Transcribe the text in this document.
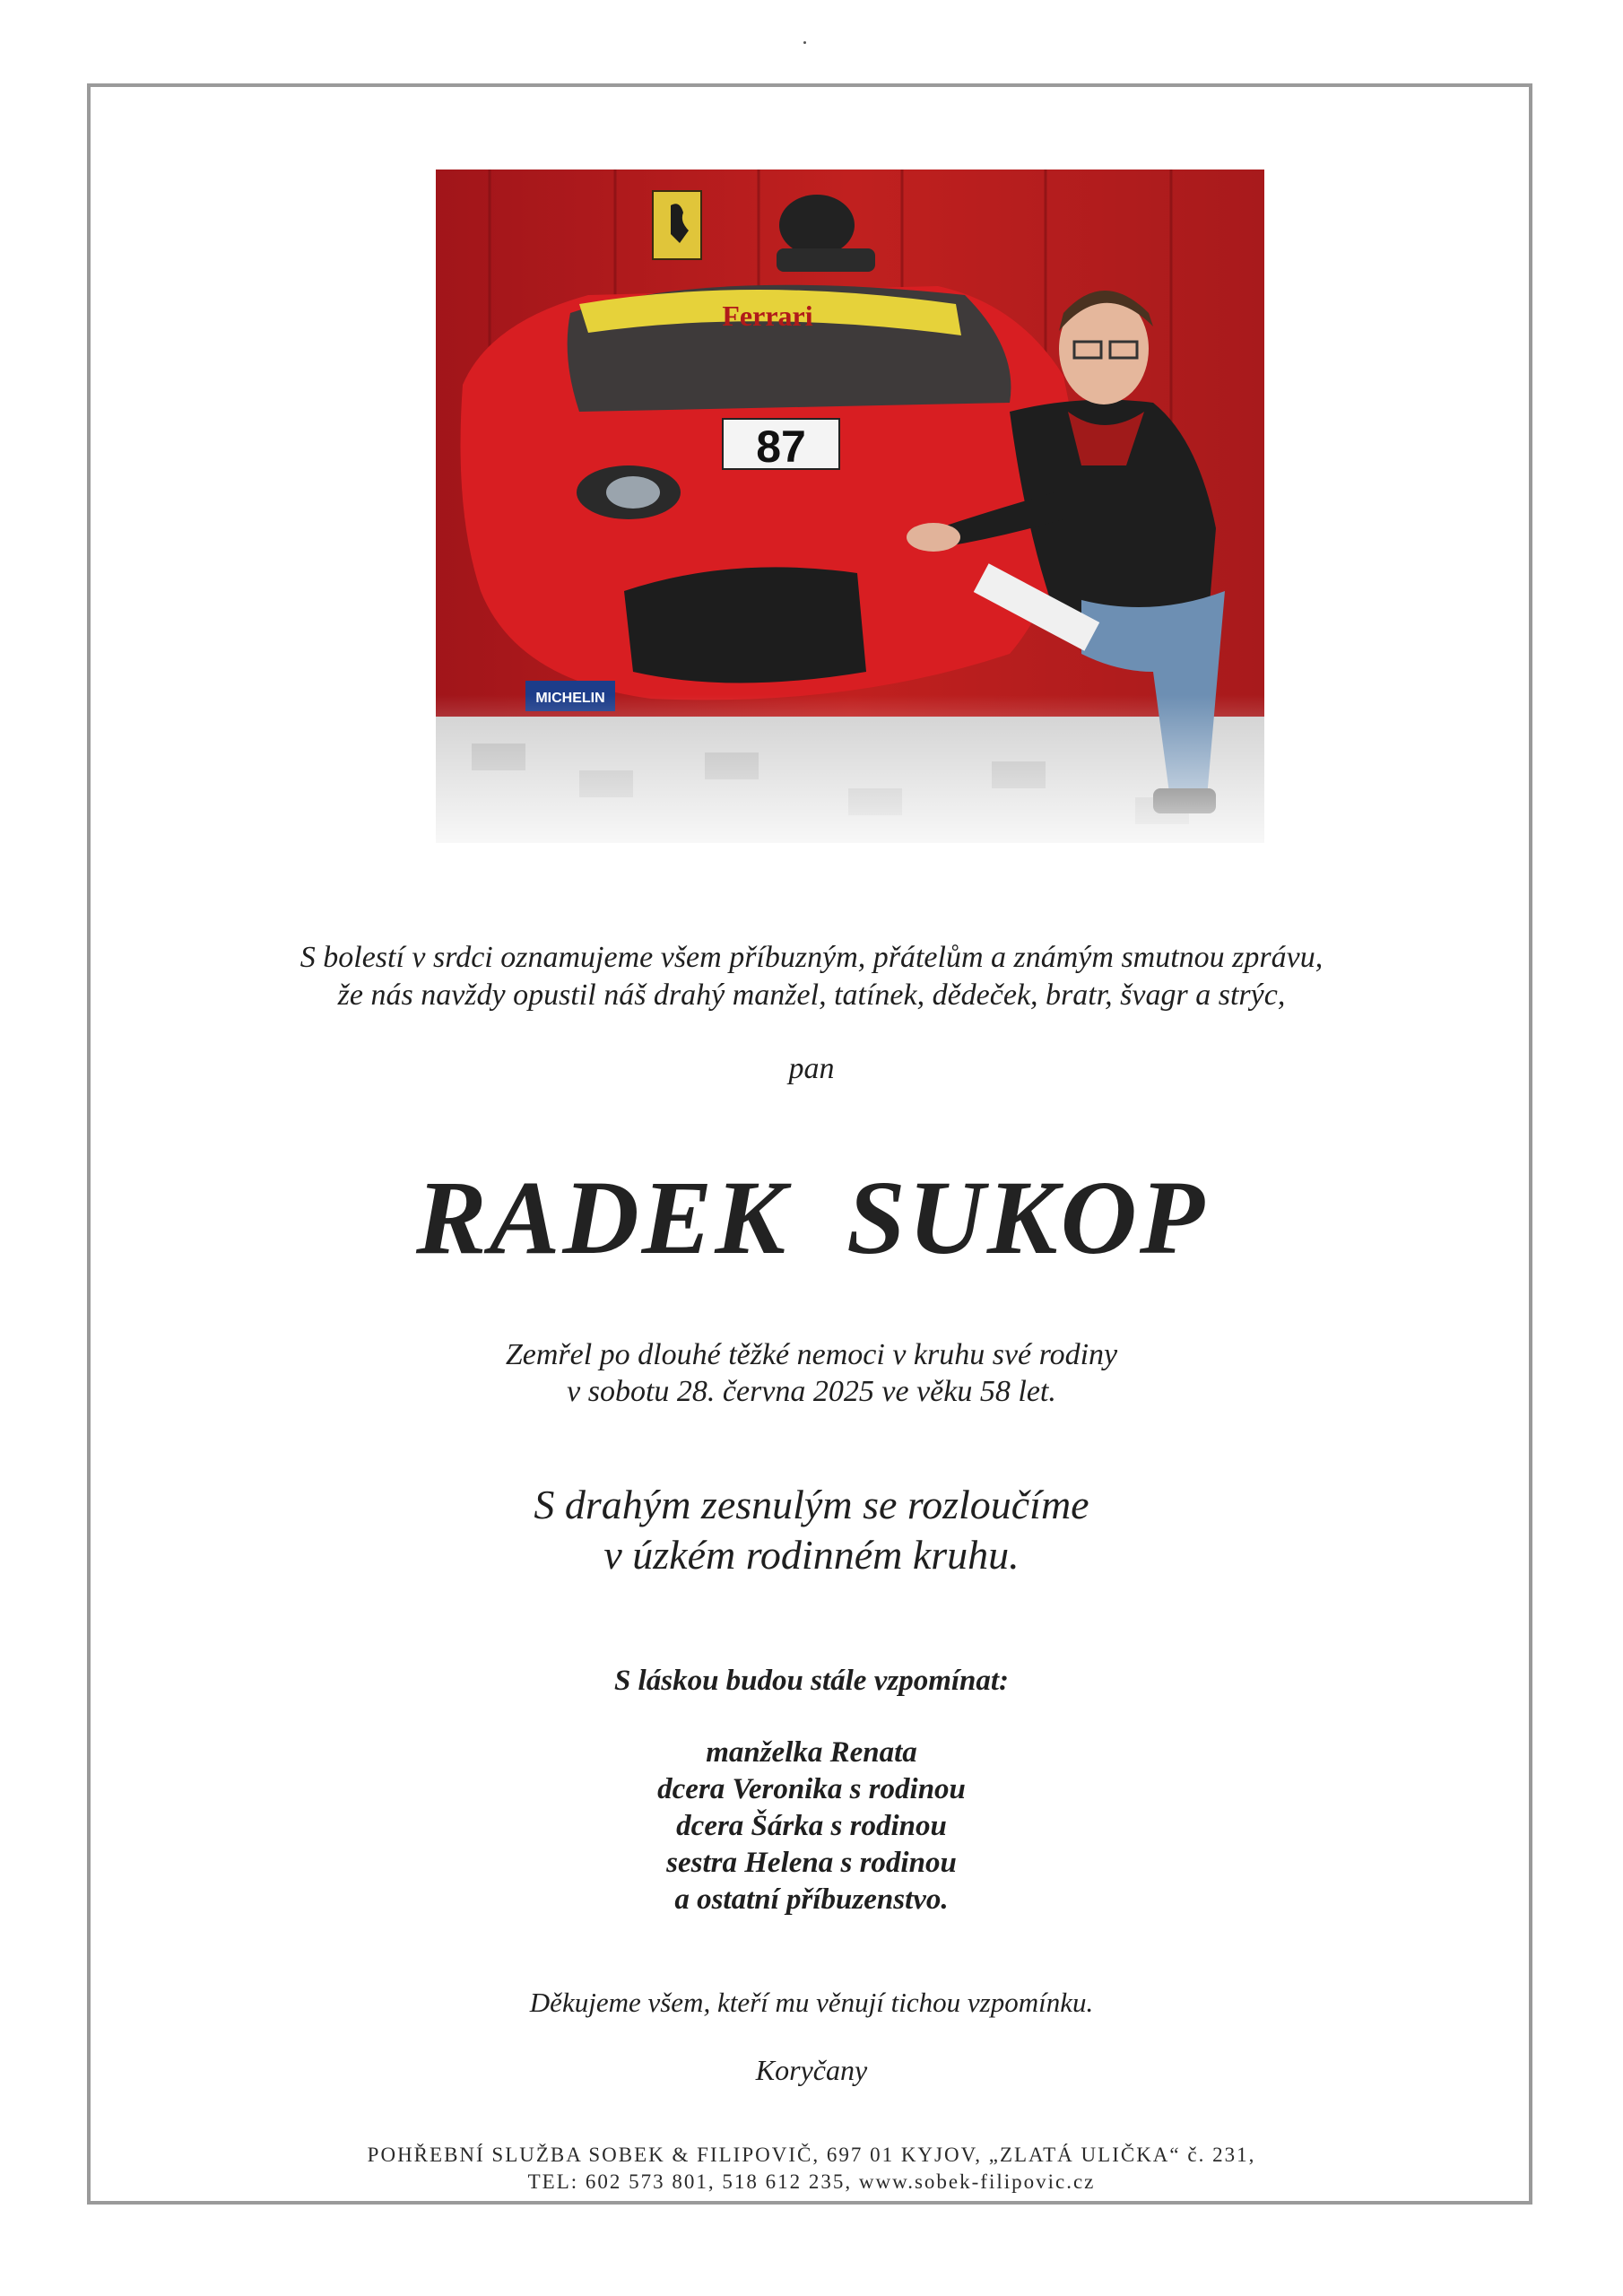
S bolestí v srdci oznamujeme všem příbuzným, přátelům a známým smutnou zprávu,
že nás navždy opustil náš drahý manžel, tatínek, dědeček, bratr, švagr a strýc,
pan
RADEK SUKOP
Zemřel po dlouhé těžké nemoci v kruhu své rodiny
v sobotu 28. června 2025 ve věku 58 let.
S drahým zesnulým se rozloučíme
v úzkém rodinném kruhu.
S láskou budou stále vzpomínat:
manželka Renata
dcera Veronika s rodinou
dcera Šárka s rodinou
sestra Helena s rodinou
a ostatní příbuzenstvo.
Děkujeme všem, kteří mu věnují tichou vzpomínku.
Koryčany
POHŘEBNÍ SLUŽBA SOBEK & FILIPOVIČ, 697 01 KYJOV, „ZLATÁ ULIČKA“ č. 231,
TEL: 602 573 801, 518 612 235, www.sobek-filipovic.cz
